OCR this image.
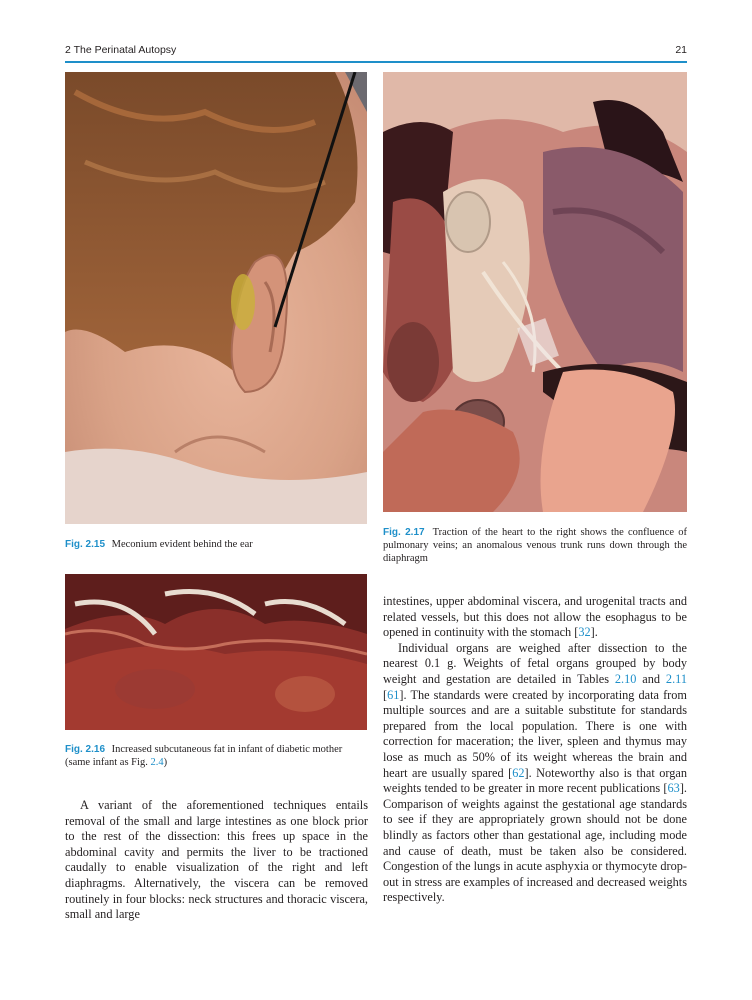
2 The Perinatal Autopsy	21
Fig. 2.15 Meconium evident behind the ear
Fig. 2.17 Traction of the heart to the right shows the confluence of pulmonary veins; an anomalous venous trunk runs down through the diaphragm
Fig. 2.16 Increased subcutaneous fat in infant of diabetic mother (same infant as Fig. 2.4)

A variant of the aforementioned techniques entails removal of the small and large intestines as one block prior to the rest of the dissection: this frees up space in the abdominal cavity and permits the liver to be tractioned caudally to enable visualization of the right and left diaphragms. Alternatively, the viscera can be removed routinely in four blocks: neck structures and thoracic viscera, small and large

intestines, upper abdominal viscera, and urogenital tracts and related vessels, but this does not allow the esophagus to be opened in continuity with the stomach [32].

Individual organs are weighed after dissection to the nearest 0.1 g. Weights of fetal organs grouped by body weight and gestation are detailed in Tables 2.10 and 2.11 [61]. The standards were created by incorporating data from multiple sources and are a suitable substitute for standards prepared from the local population. There is one with correction for maceration; the liver, spleen and thymus may lose as much as 50% of its weight whereas the brain and heart are usually spared [62]. Noteworthy also is that organ weights tended to be greater in more recent publications [63]. Comparison of weights against the gestational age standards to see if they are appropriately grown should not be done blindly as factors other than gestational age, including mode and cause of death, must be taken also be considered. Congestion of the lungs in acute asphyxia or thymocyte drop-out in stress are examples of increased and decreased weights respectively.
